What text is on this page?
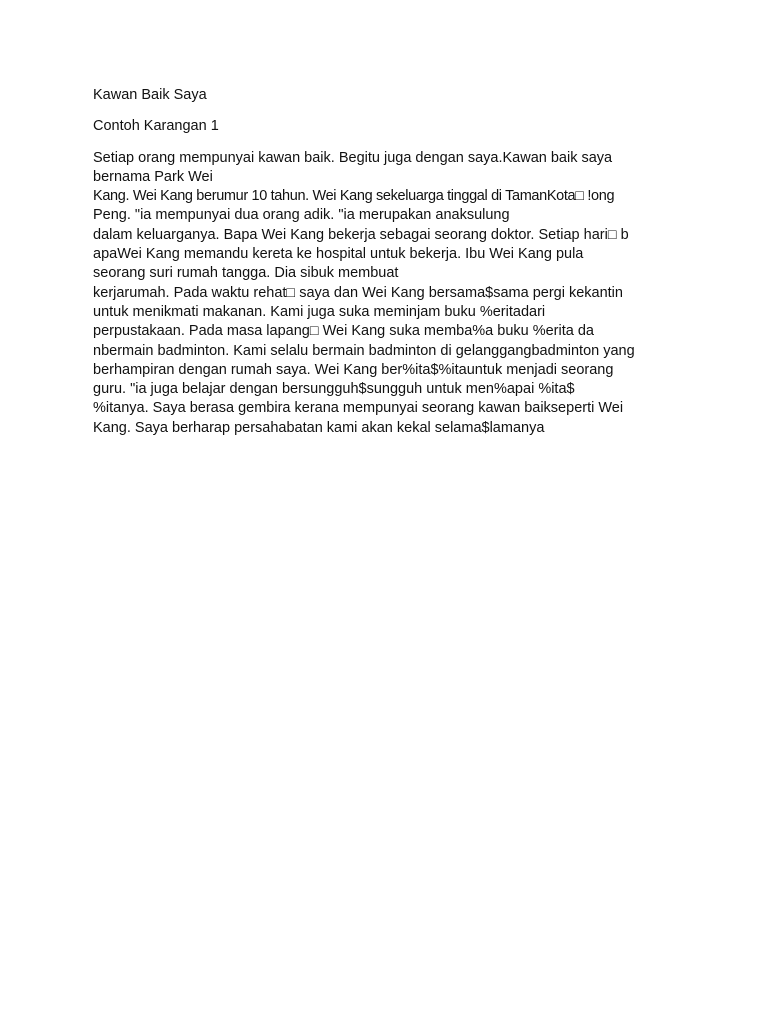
Kawan Baik Saya

Contoh Karangan 1

Setiap orang mempunyai kawan baik. Begitu juga dengan saya.Kawan baik saya
bernama Park Wei
Kang. Wei Kang berumur 10 tahun. Wei Kang sekeluarga tinggal di TamanKota□ !ong
Peng. "ia mempunyai dua orang adik. "ia merupakan anaksulung
dalam keluarganya. Bapa Wei Kang bekerja sebagai seorang doktor. Setiap hari□ b
apaWei Kang memandu kereta ke hospital untuk bekerja. Ibu Wei Kang pula
seorang suri rumah tangga. Dia sibuk membuat
kerjarumah. Pada waktu rehat□ saya dan Wei Kang bersama$sama pergi kekantin
untuk menikmati makanan. Kami juga suka meminjam buku %eritadari
perpustakaan. Pada masa lapang□ Wei Kang suka memba%a buku %erita da
nbermain badminton. Kami selalu bermain badminton di gelanggangbadminton yang
berhampiran dengan rumah saya. Wei Kang ber%ita$%itauntuk menjadi seorang
guru. "ia juga belajar dengan bersungguh$sungguh untuk men%apai %ita$
%itanya. Saya berasa gembira kerana mempunyai seorang kawan baikseperti Wei
Kang. Saya berharap persahabatan kami akan kekal selama$lamanya
